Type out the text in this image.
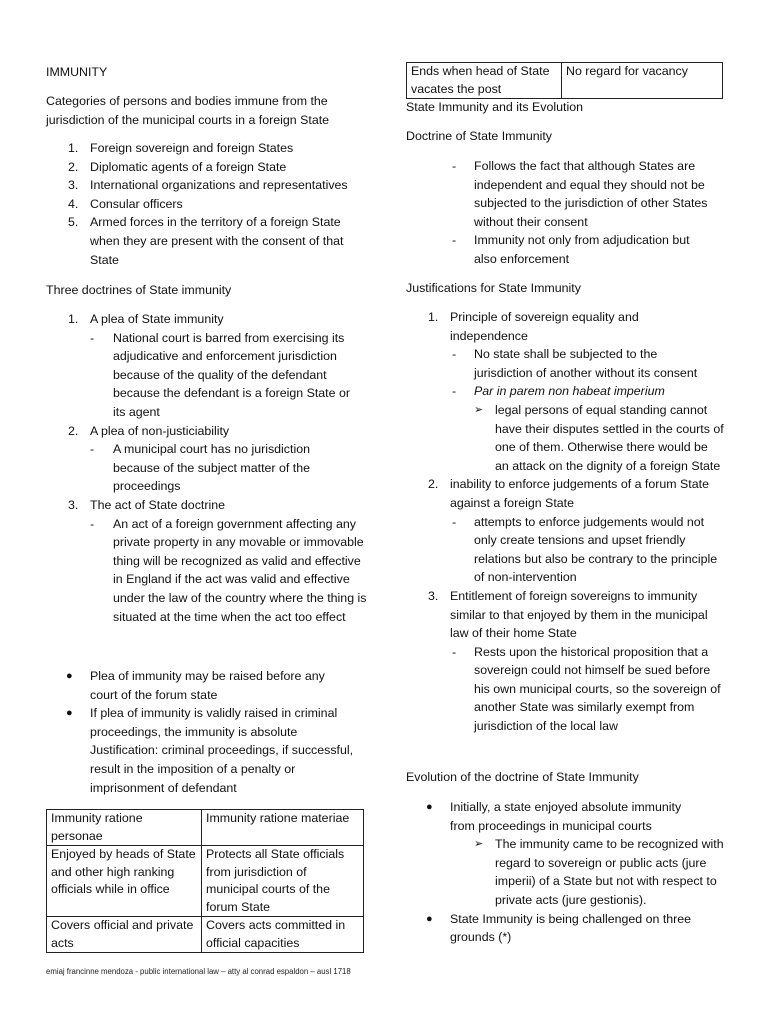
IMMUNITY
Categories of persons and bodies immune from the jurisdiction of the municipal courts in a foreign State
1. Foreign sovereign and foreign States
2. Diplomatic agents of a foreign State
3. International organizations and representatives
4. Consular officers
5. Armed forces in the territory of a foreign State when they are present with the consent of that State
Three doctrines of State immunity
1. A plea of State immunity
- National court is barred from exercising its adjudicative and enforcement jurisdiction because of the quality of the defendant because the defendant is a foreign State or its agent
2. A plea of non-justiciability
- A municipal court has no jurisdiction because of the subject matter of the proceedings
3. The act of State doctrine
- An act of a foreign government affecting any private property in any movable or immovable thing will be recognized as valid and effective in England if the act was valid and effective under the law of the country where the thing is situated at the time when the act too effect
● Plea of immunity may be raised before any court of the forum state
● If plea of immunity is validly raised in criminal proceedings, the immunity is absolute Justification: criminal proceedings, if successful, result in the imposition of a penalty or imprisonment of defendant
Immunity ratione personae	Immunity ratione materiae
Enjoyed by heads of State and other high ranking officials while in office	Protects all State officials from jurisdiction of municipal courts of the forum State
Covers official and private acts	Covers acts committed in official capacities
Ends when head of State vacates the post	No regard for vacancy
State Immunity and its Evolution
Doctrine of State Immunity
- Follows the fact that although States are independent and equal they should not be subjected to the jurisdiction of other States without their consent
- Immunity not only from adjudication but also enforcement
Justifications for State Immunity
1. Principle of sovereign equality and independence
- No state shall be subjected to the jurisdiction of another without its consent
- Par in parem non habeat imperium
➢ legal persons of equal standing cannot have their disputes settled in the courts of one of them. Otherwise there would be an attack on the dignity of a foreign State
2. inability to enforce judgements of a forum State against a foreign State
- attempts to enforce judgements would not only create tensions and upset friendly relations but also be contrary to the principle of non-intervention
3. Entitlement of foreign sovereigns to immunity similar to that enjoyed by them in the municipal law of their home State
- Rests upon the historical proposition that a sovereign could not himself be sued before his own municipal courts, so the sovereign of another State was similarly exempt from jurisdiction of the local law
Evolution of the doctrine of State Immunity
● Initially, a state enjoyed absolute immunity from proceedings in municipal courts
➢ The immunity came to be recognized with regard to sovereign or public acts (jure imperii) of a State but not with respect to private acts (jure gestionis).
● State Immunity is being challenged on three grounds (*)
emiaj francinne mendoza - public international law – atty al conrad espaldon – ausl 1718
